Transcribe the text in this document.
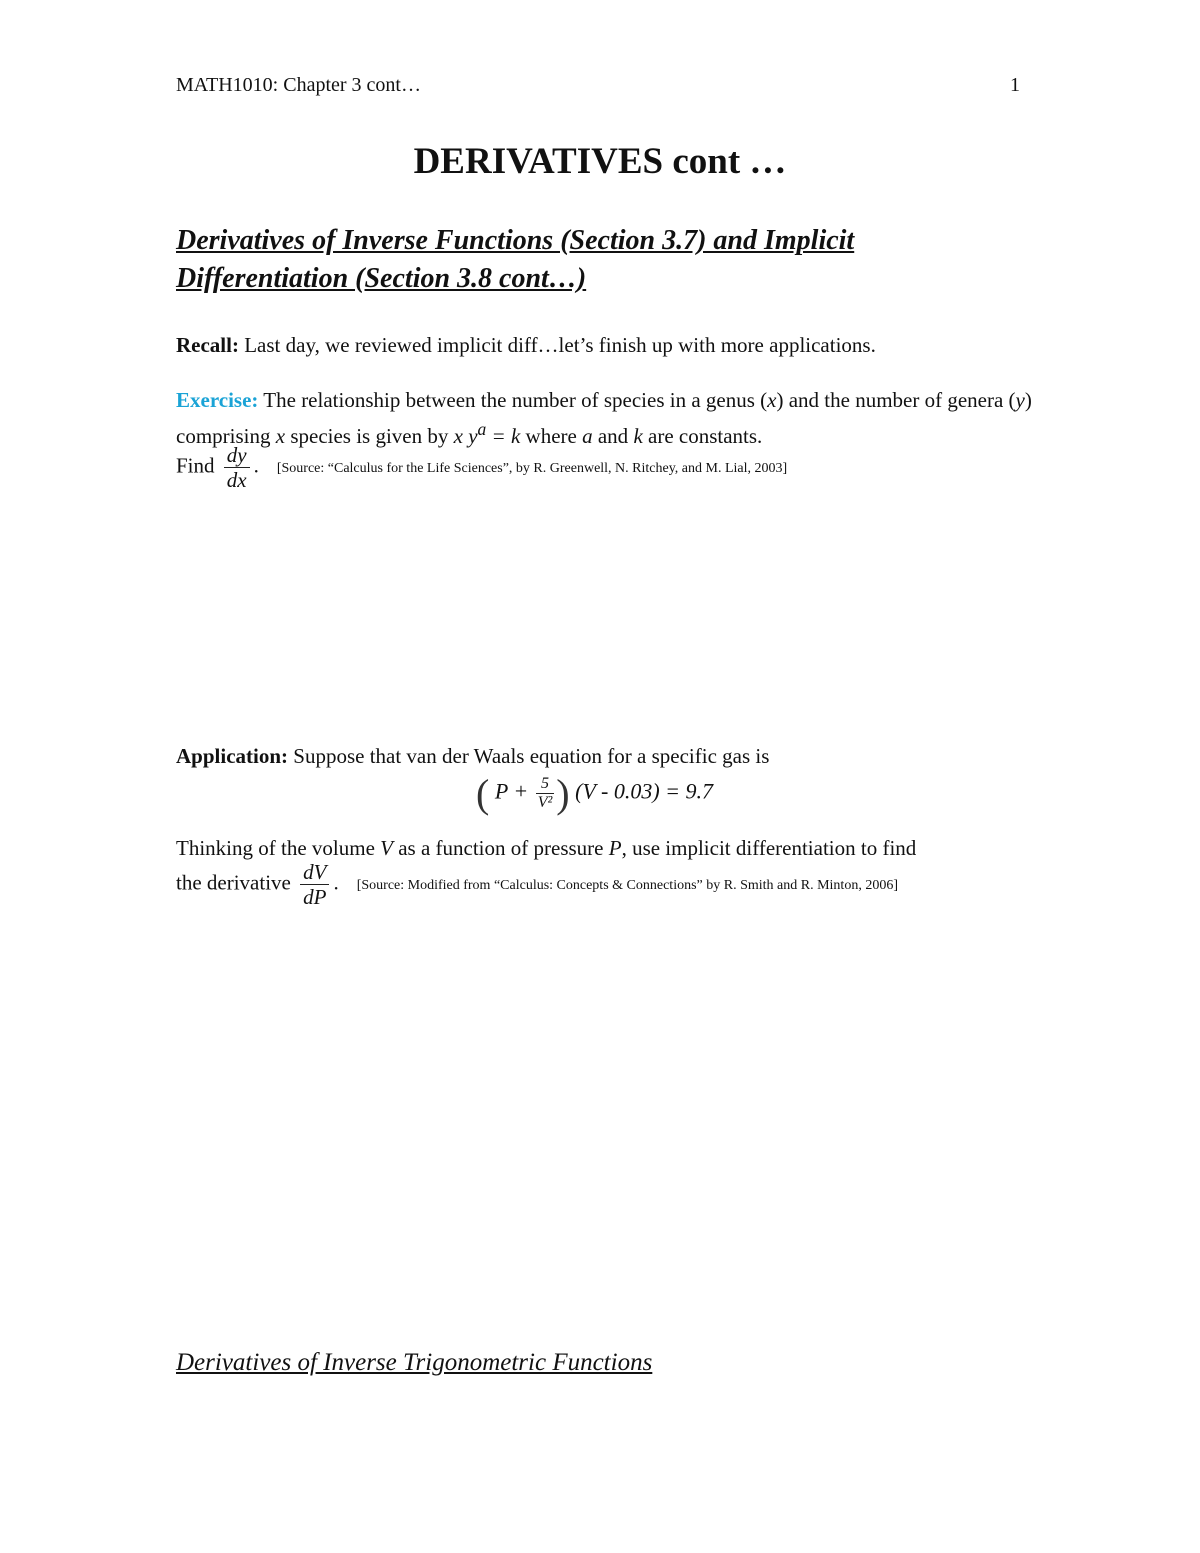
MATH1010: Chapter 3 cont…	1
DERIVATIVES cont …
Derivatives of Inverse Functions (Section 3.7) and Implicit
Differentiation (Section 3.8 cont…)
Recall: Last day, we reviewed implicit diff…let’s finish up with more applications.
Exercise: The relationship between the number of species in a genus (x) and the number of genera (y) comprising x species is given by x $y^a = k$ where a and k are constants.
Find $\frac{dy}{dx}$ . [Source: “Calculus for the Life Sciences”, by R. Greenwell, N. Ritchey, and M. Lial, 2003]
Application: Suppose that van der Waals equation for a specific gas is
( $P + \frac{5}{\text{V²}}$ ) (V - 0.03) = 9.7
Thinking of the volume V as a function of pressure P, use implicit differentiation to find
the derivative $\frac{dV}{dP}$ . [Source: Modified from “Calculus: Concepts & Connections” by R. Smith and R. Minton, 2006]
Derivatives of Inverse Trigonometric Functions
